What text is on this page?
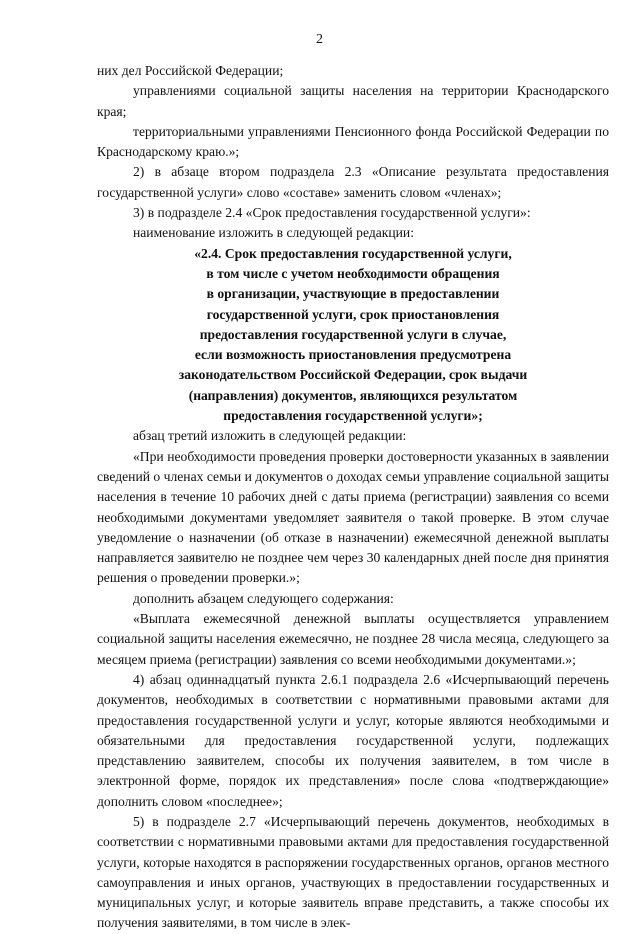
2

них дел Российской Федерации;

управлениями социальной защиты населения на территории Краснодарского края;

территориальными управлениями Пенсионного фонда Российской Федерации по Краснодарскому краю.»;

2) в абзаце втором подраздела 2.3 «Описание результата предоставления государственной услуги» слово «составе» заменить словом «членах»;

3) в подразделе 2.4 «Срок предоставления государственной услуги»:

наименование изложить в следующей редакции:

«2.4. Срок предоставления государственной услуги,
в том числе с учетом необходимости обращения
в организации, участвующие в предоставлении
государственной услуги, срок приостановления
предоставления государственной услуги в случае,
если возможность приостановления предусмотрена
законодательством Российской Федерации, срок выдачи
(направления) документов, являющихся результатом
предоставления государственной услуги»;

абзац третий изложить в следующей редакции:

«При необходимости проведения проверки достоверности указанных в заявлении сведений о членах семьи и документов о доходах семьи управление социальной защиты населения в течение 10 рабочих дней с даты приема (регистрации) заявления со всеми необходимыми документами уведомляет заявителя о такой проверке. В этом случае уведомление о назначении (об отказе в назначении) ежемесячной денежной выплаты направляется заявителю не позднее чем через 30 календарных дней после дня принятия решения о проведении проверки.»;

дополнить абзацем следующего содержания:

«Выплата ежемесячной денежной выплаты осуществляется управлением социальной защиты населения ежемесячно, не позднее 28 числа месяца, следующего за месяцем приема (регистрации) заявления со всеми необходимыми документами.»;

4) абзац одиннадцатый пункта 2.6.1 подраздела 2.6 «Исчерпывающий перечень документов, необходимых в соответствии с нормативными правовыми актами для предоставления государственной услуги и услуг, которые являются необходимыми и обязательными для предоставления государственной услуги, подлежащих представлению заявителем, способы их получения заявителем, в том числе в электронной форме, порядок их представления» после слова «подтверждающие» дополнить словом «последнее»;

5) в подразделе 2.7 «Исчерпывающий перечень документов, необходимых в соответствии с нормативными правовыми актами для предоставления государственной услуги, которые находятся в распоряжении государственных органов, органов местного самоуправления и иных органов, участвующих в предоставлении государственных и муниципальных услуг, и которые заявитель вправе представить, а также способы их получения заявителями, в том числе в элек-
